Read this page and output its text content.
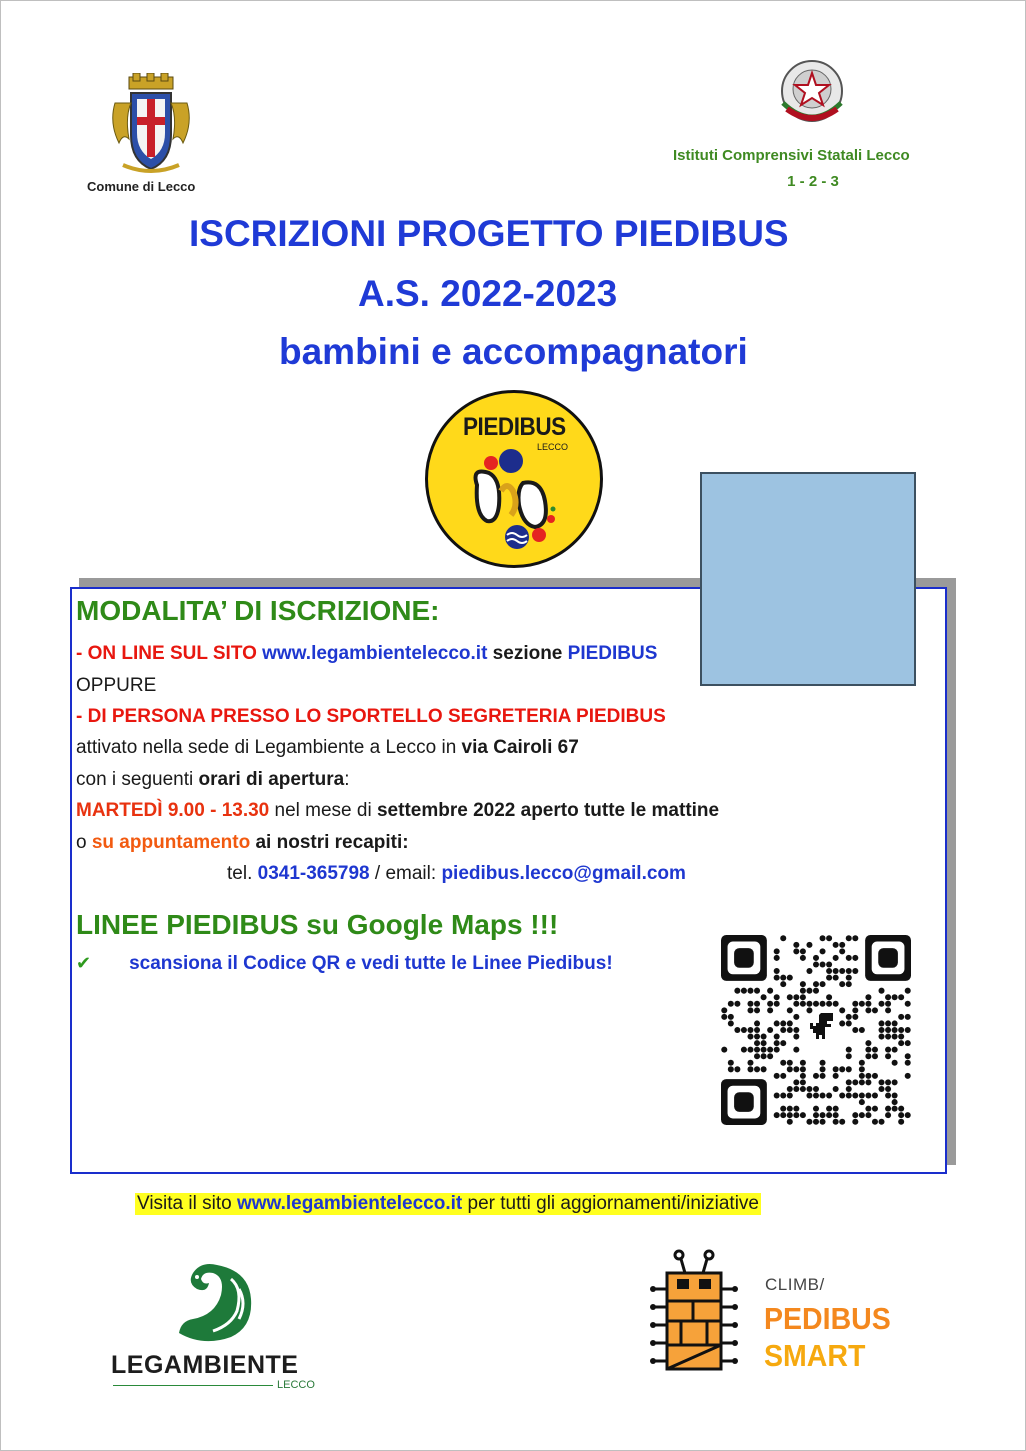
Comune di Lecco
Istituti Comprensivi Statali Lecco
1 - 2 - 3
ISCRIZIONI PROGETTO PIEDIBUS
A.S. 2022-2023
bambini e accompagnatori
PIEDIBUS
LECCO
MODALITA’ DI ISCRIZIONE:
- ON LINE SUL SITO www.legambientelecco.it sezione PIEDIBUS
OPPURE
- DI PERSONA PRESSO LO SPORTELLO SEGRETERIA PIEDIBUS
attivato nella sede di Legambiente a Lecco in via Cairoli 67
con i seguenti orari di apertura:
MARTEDÌ 9.00 - 13.30 nel mese di settembre 2022 aperto tutte le mattine
o su appuntamento ai nostri recapiti:
tel. 0341-365798 / email: piedibus.lecco@gmail.com
LINEE PIEDIBUS su Google Maps !!!
✔ scansiona il Codice QR e vedi tutte le Linee Piedibus!
Visita il sito www.legambientelecco.it per tutti gli aggiornamenti/iniziative
LEGAMBIENTE
LECCO
CLIMB/
PEDIBUS
SMART
